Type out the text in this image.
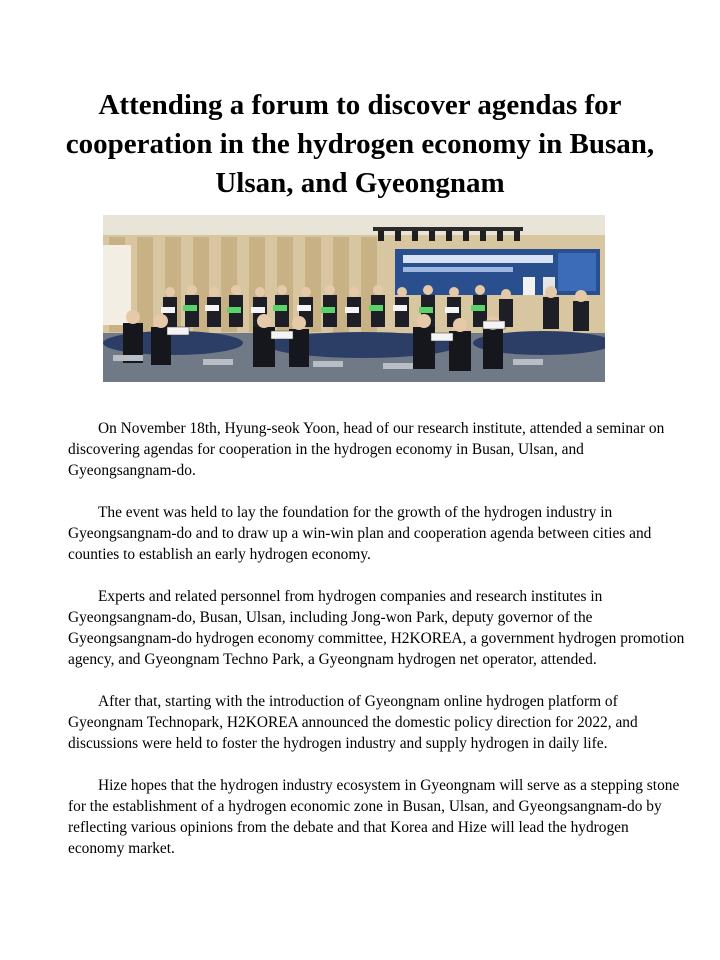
Attending a forum to discover agendas for cooperation in the hydrogen economy in Busan, Ulsan, and Gyeongnam

On November 18th, Hyung-seok Yoon, head of our research institute, attended a seminar on discovering agendas for cooperation in the hydrogen economy in Busan, Ulsan, and Gyeongsangnam-do.

The event was held to lay the foundation for the growth of the hydrogen industry in Gyeongsangnam-do and to draw up a win-win plan and cooperation agenda between cities and counties to establish an early hydrogen economy.

Experts and related personnel from hydrogen companies and research institutes in Gyeongsangnam-do, Busan, Ulsan, including Jong-won Park, deputy governor of the Gyeongsangnam-do hydrogen economy committee, H2KOREA, a government hydrogen promotion agency, and Gyeongnam Techno Park, a Gyeongnam hydrogen net operator, attended.

After that, starting with the introduction of Gyeongnam online hydrogen platform of Gyeongnam Technopark, H2KOREA announced the domestic policy direction for 2022, and discussions were held to foster the hydrogen industry and supply hydrogen in daily life.

Hize hopes that the hydrogen industry ecosystem in Gyeongnam will serve as a stepping stone for the establishment of a hydrogen economic zone in Busan, Ulsan, and Gyeongsangnam-do by reflecting various opinions from the debate and that Korea and Hize will lead the hydrogen economy market.
